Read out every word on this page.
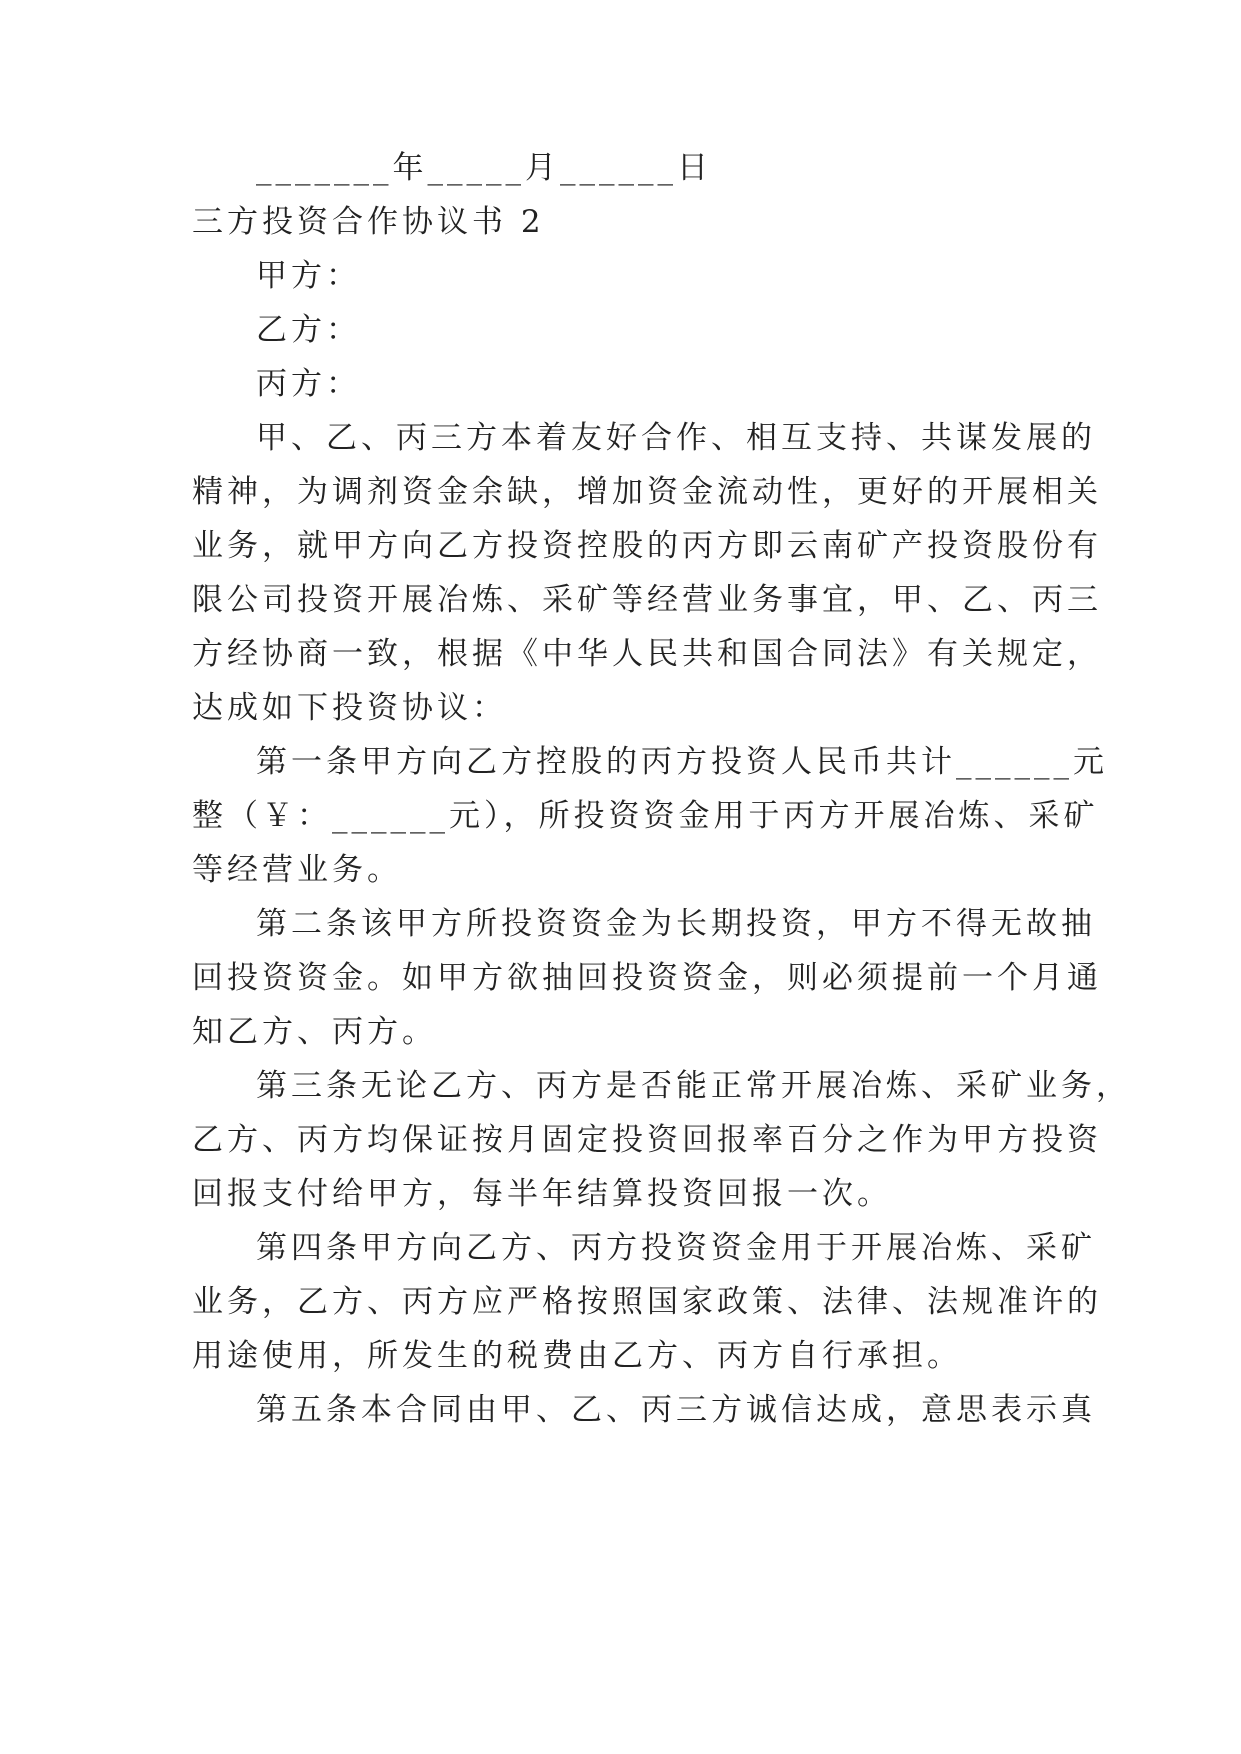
_______年_____月______日
三方投资合作协议书 2
甲方：
乙方：
丙方：
甲、乙、丙三方本着友好合作、相互支持、共谋发展的
精神，为调剂资金余缺，增加资金流动性，更好的开展相关
业务，就甲方向乙方投资控股的丙方即云南矿产投资股份有
限公司投资开展冶炼、采矿等经营业务事宜，甲、乙、丙三
方经协商一致，根据《中华人民共和国合同法》有关规定，
达成如下投资协议：
第一条甲方向乙方控股的丙方投资人民币共计______元
整（￥：______元），所投资资金用于丙方开展冶炼、采矿
等经营业务。
第二条该甲方所投资资金为长期投资，甲方不得无故抽
回投资资金。如甲方欲抽回投资资金，则必须提前一个月通
知乙方、丙方。
第三条无论乙方、丙方是否能正常开展冶炼、采矿业务，
乙方、丙方均保证按月固定投资回报率百分之作为甲方投资
回报支付给甲方，每半年结算投资回报一次。
第四条甲方向乙方、丙方投资资金用于开展冶炼、采矿
业务，乙方、丙方应严格按照国家政策、法律、法规准许的
用途使用，所发生的税费由乙方、丙方自行承担。
第五条本合同由甲、乙、丙三方诚信达成，意思表示真
